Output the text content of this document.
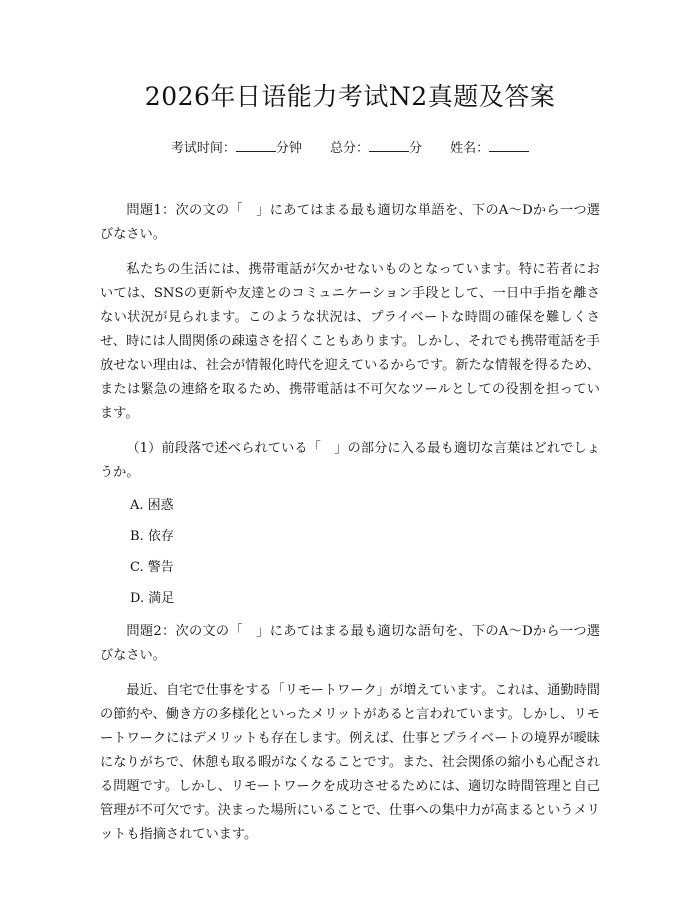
2026年日语能力考试N2真题及答案
考试时间：	分钟 总分：	分 姓名：

問題1：次の文の「　」にあてはまる最も適切な単語を、下のA～Dから一つ選びなさい。

私たちの生活には、携帯電話が欠かせないものとなっています。特に若者においては、SNSの更新や友達とのコミュニケーション手段として、一日中手指を離さない状況が見られます。このような状況は、プライベートな時間の確保を難しくさせ、時には人間関係の疎遠さを招くこともあります。しかし、それでも携帯電話を手放せない理由は、社会が情報化時代を迎えているからです。新たな情報を得るため、または緊急の連絡を取るため、携帯電話は不可欠なツールとしての役割を担っています。

（1）前段落で述べられている「　」の部分に入る最も適切な言葉はどれでしょうか。

A. 困惑
B. 依存
C. 警告
D. 満足

問題2：次の文の「　」にあてはまる最も適切な語句を、下のA～Dから一つ選びなさい。

最近、自宅で仕事をする「リモートワーク」が増えています。これは、通勤時間の節約や、働き方の多様化といったメリットがあると言われています。しかし、リモートワークにはデメリットも存在します。例えば、仕事とプライベートの境界が曖昧になりがちで、休憩も取る暇がなくなることです。また、社会関係の縮小も心配される問題です。しかし、リモートワークを成功させるためには、適切な時間管理と自己管理が不可欠です。決まった場所にいることで、仕事への集中力が高まるというメリットも指摘されています。
